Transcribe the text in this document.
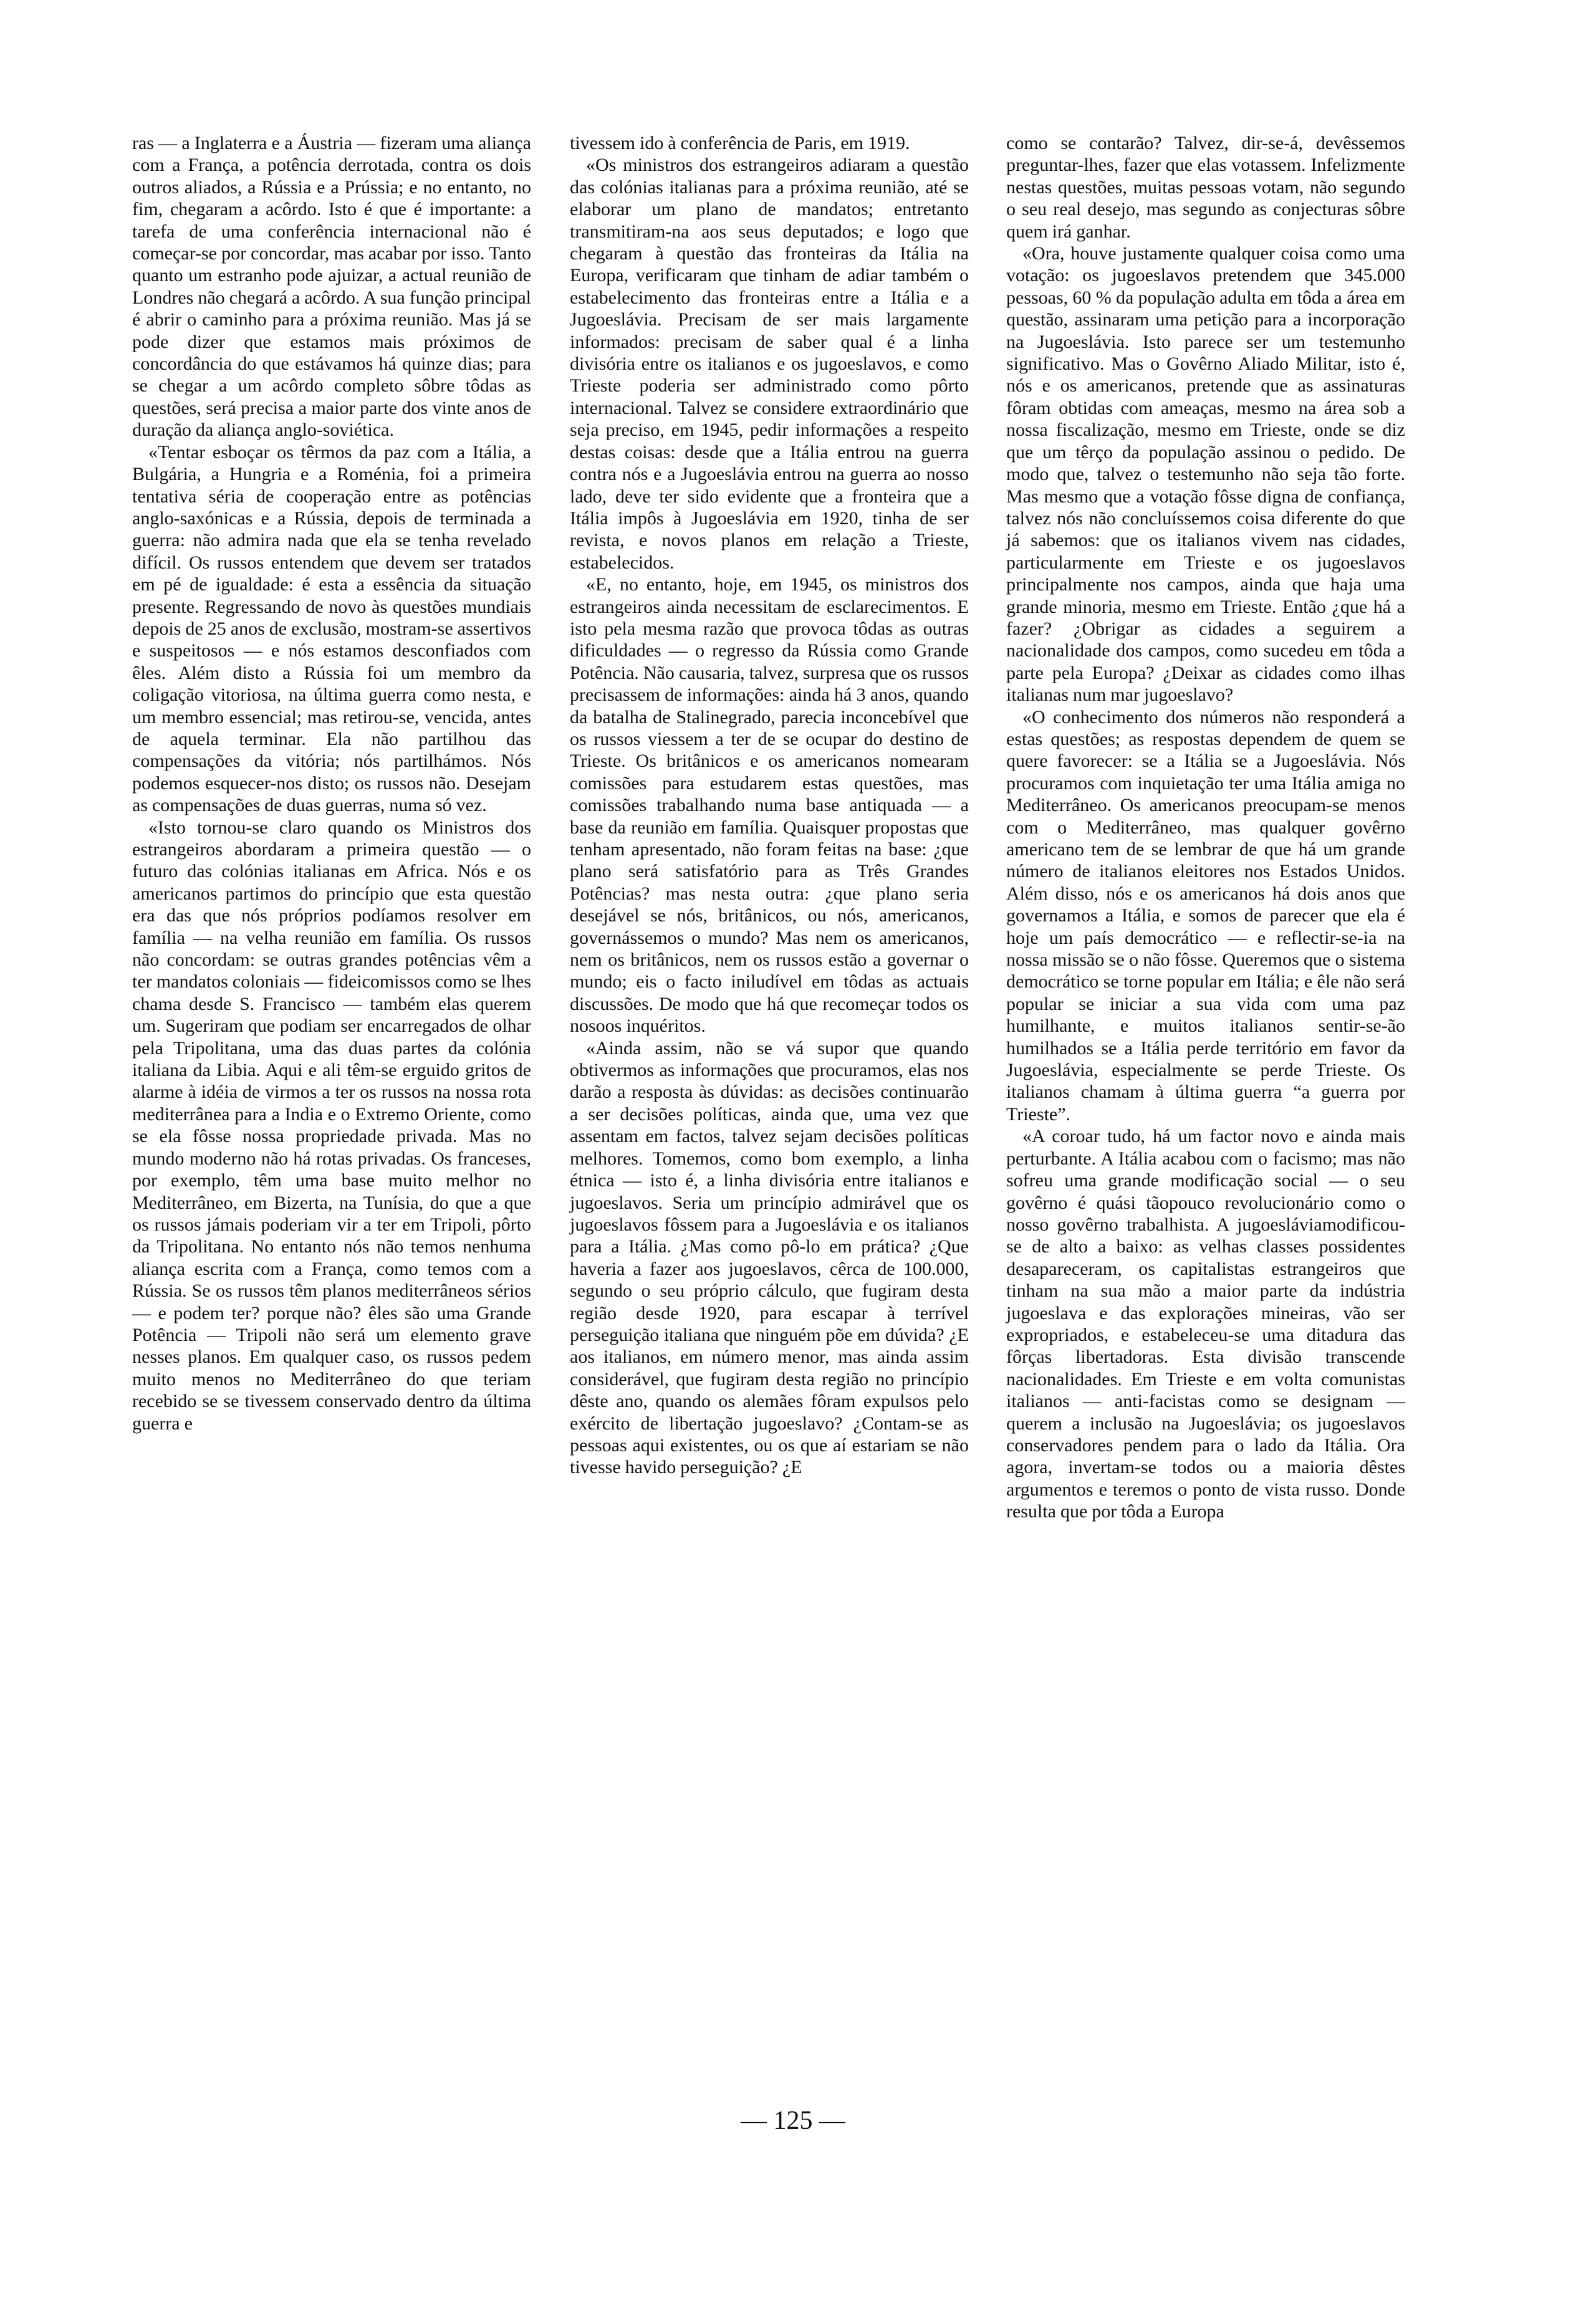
ras — a Inglaterra e a Áustria — fizeram uma aliança com a França, a potência derrotada, contra os dois outros aliados, a Rússia e a Prússia; e no entanto, no fim, chegaram a acôrdo. Isto é que é importante: a tarefa de uma conferência internacional não é começar-se por concordar, mas acabar por isso. Tanto quanto um estranho pode ajuizar, a actual reunião de Londres não chegará a acôrdo. A sua função principal é abrir o caminho para a próxima reunião. Mas já se pode dizer que estamos mais próximos de concordância do que estávamos há quinze dias; para se chegar a um acôrdo completo sôbre tôdas as questões, será precisa a maior parte dos vinte anos de duração da aliança anglo-soviética.

«Tentar esboçar os têrmos da paz com a Itália, a Bulgária, a Hungria e a Roménia, foi a primeira tentativa séria de cooperação entre as potências anglo-saxónicas e a Rússia, depois de terminada a guerra: não admira nada que ela se tenha revelado difícil. Os russos entendem que devem ser tratados em pé de igualdade: é esta a essência da situação presente. Regressando de novo às questões mundiais depois de 25 anos de exclusão, mostram-se assertivos e suspeitosos — e nós estamos desconfiados com êles. Além disto a Rússia foi um membro da coligação vitoriosa, na última guerra como nesta, e um membro essencial; mas retirou-se, vencida, antes de aquela terminar. Ela não partilhou das compensações da vitória; nós partilhámos. Nós podemos esquecer-nos disto; os russos não. Desejam as compensações de duas guerras, numa só vez.

«Isto tornou-se claro quando os Ministros dos estrangeiros abordaram a primeira questão — o futuro das colónias italianas em Africa. Nós e os americanos partimos do princípio que esta questão era das que nós próprios podíamos resolver em família — na velha reunião em família. Os russos não concordam: se outras grandes potências vêm a ter mandatos coloniais — fideicomissos como se lhes chama desde S. Francisco — também elas querem um. Sugeriram que podiam ser encarregados de olhar pela Tripolitana, uma das duas partes da colónia italiana da Libia. Aqui e ali têm-se erguido gritos de alarme à idéia de virmos a ter os russos na nossa rota mediterrânea para a India e o Extremo Oriente, como se ela fôsse nossa propriedade privada. Mas no mundo moderno não há rotas privadas. Os franceses, por exemplo, têm uma base muito melhor no Mediterrâneo, em Bizerta, na Tunísia, do que a que os russos jámais poderiam vir a ter em Tripoli, pôrto da Tripolitana. No entanto nós não temos nenhuma aliança escrita com a França, como temos com a Rússia. Se os russos têm planos mediterrâneos sérios — e podem ter? porque não? êles são uma Grande Potência — Tripoli não será um elemento grave nesses planos. Em qualquer caso, os russos pedem muito menos no Mediterrâneo do que teriam recebido se se tivessem conservado dentro da última guerra e

tivessem ido à conferência de Paris, em 1919.

«Os ministros dos estrangeiros adiaram a questão das colónias italianas para a próxima reunião, até se elaborar um plano de mandatos; entretanto transmitiram-na aos seus deputados; e logo que chegaram à questão das fronteiras da Itália na Europa, verificaram que tinham de adiar também o estabelecimento das fronteiras entre a Itália e a Jugoeslávia. Precisam de ser mais largamente informados: precisam de saber qual é a linha divisória entre os italianos e os jugoeslavos, e como Trieste poderia ser administrado como pôrto internacional. Talvez se considere extraordinário que seja preciso, em 1945, pedir informações a respeito destas coisas: desde que a Itália entrou na guerra contra nós e a Jugoeslávia entrou na guerra ao nosso lado, deve ter sido evidente que a fronteira que a Itália impôs à Jugoeslávia em 1920, tinha de ser revista, e novos planos em relação a Trieste, estabelecidos.

«E, no entanto, hoje, em 1945, os ministros dos estrangeiros ainda necessitam de esclarecimentos. E isto pela mesma razão que provoca tôdas as outras dificuldades — o regresso da Rússia como Grande Potência. Não causaria, talvez, surpresa que os russos precisassem de informações: ainda há 3 anos, quando da batalha de Stalinegrado, parecia inconcebível que os russos viessem a ter de se ocupar do destino de Trieste. Os britânicos e os americanos nomearam comissões para estudarem estas questões, mas comissões trabalhando numa base antiquada — a base da reunião em família. Quaisquer propostas que tenham apresentado, não foram feitas na base: ¿que plano será satisfatório para as Três Grandes Potências? mas nesta outra: ¿que plano seria desejável se nós, britânicos, ou nós, americanos, governássemos o mundo? Mas nem os americanos, nem os britânicos, nem os russos estão a governar o mundo; eis o facto iniludível em tôdas as actuais discussões. De modo que há que recomeçar todos os nosoos inquéritos.

«Ainda assim, não se vá supor que quando obtivermos as informações que procuramos, elas nos darão a resposta às dúvidas: as decisões continuarão a ser decisões políticas, ainda que, uma vez que assentam em factos, talvez sejam decisões políticas melhores. Tomemos, como bom exemplo, a linha étnica — isto é, a linha divisória entre italianos e jugoeslavos. Seria um princípio admirável que os jugoeslavos fôssem para a Jugoeslávia e os italianos para a Itália. ¿Mas como pô-lo em prática? ¿Que haveria a fazer aos jugoeslavos, cêrca de 100.000, segundo o seu próprio cálculo, que fugiram desta região desde 1920, para escapar à terrível perseguição italiana que ninguém põe em dúvida? ¿E aos italianos, em número menor, mas ainda assim considerável, que fugiram desta região no princípio dêste ano, quando os alemães fôram expulsos pelo exército de libertação jugoeslavo? ¿Contam-se as pessoas aqui existentes, ou os que aí estariam se não tivesse havido perseguição? ¿E

como se contarão? Talvez, dir-se-á, devêssemos preguntar-lhes, fazer que elas votassem. Infelizmente nestas questões, muitas pessoas votam, não segundo o seu real desejo, mas segundo as conjecturas sôbre quem irá ganhar.

«Ora, houve justamente qualquer coisa como uma votação: os jugoeslavos pretendem que 345.000 pessoas, 60 % da população adulta em tôda a área em questão, assinaram uma petição para a incorporação na Jugoeslávia. Isto parece ser um testemunho significativo. Mas o Govêrno Aliado Militar, isto é, nós e os americanos, pretende que as assinaturas fôram obtidas com ameaças, mesmo na área sob a nossa fiscalização, mesmo em Trieste, onde se diz que um têrço da população assinou o pedido. De modo que, talvez o testemunho não seja tão forte. Mas mesmo que a votação fôsse digna de confiança, talvez nós não concluíssemos coisa diferente do que já sabemos: que os italianos vivem nas cidades, particularmente em Trieste e os jugoeslavos principalmente nos campos, ainda que haja uma grande minoria, mesmo em Trieste. Então ¿que há a fazer? ¿Obrigar as cidades a seguirem a nacionalidade dos campos, como sucedeu em tôda a parte pela Europa? ¿Deixar as cidades como ilhas italianas num mar jugoeslavo?

«O conhecimento dos números não responderá a estas questões; as respostas dependem de quem se quere favorecer: se a Itália se a Jugoeslávia. Nós procuramos com inquietação ter uma Itália amiga no Mediterrâneo. Os americanos preocupam-se menos com o Mediterrâneo, mas qualquer govêrno americano tem de se lembrar de que há um grande número de italianos eleitores nos Estados Unidos. Além disso, nós e os americanos há dois anos que governamos a Itália, e somos de parecer que ela é hoje um país democrático — e reflectir-se-ia na nossa missão se o não fôsse. Queremos que o sistema democrático se torne popular em Itália; e êle não será popular se iniciar a sua vida com uma paz humilhante, e muitos italianos sentir-se-ão humilhados se a Itália perde território em favor da Jugoeslávia, especialmente se perde Trieste. Os italianos chamam à última guerra “a guerra por Trieste”.

«A coroar tudo, há um factor novo e ainda mais perturbante. A Itália acabou com o facismo; mas não sofreu uma grande modificação social — o seu govêrno é quási tãopouco revolucionário como o nosso govêrno trabalhista. A jugoesláviamodificou-se de alto a baixo: as velhas classes possidentes desapareceram, os capitalistas estrangeiros que tinham na sua mão a maior parte da indústria jugoeslava e das explorações mineiras, vão ser expropriados, e estabeleceu-se uma ditadura das fôrças libertadoras. Esta divisão transcende nacionalidades. Em Trieste e em volta comunistas italianos — anti-facistas como se designam — querem a inclusão na Jugoeslávia; os jugoeslavos conservadores pendem para o lado da Itália. Ora agora, invertam-se todos ou a maioria dêstes argumentos e teremos o ponto de vista russo. Donde resulta que por tôda a Europa

— 125 —
